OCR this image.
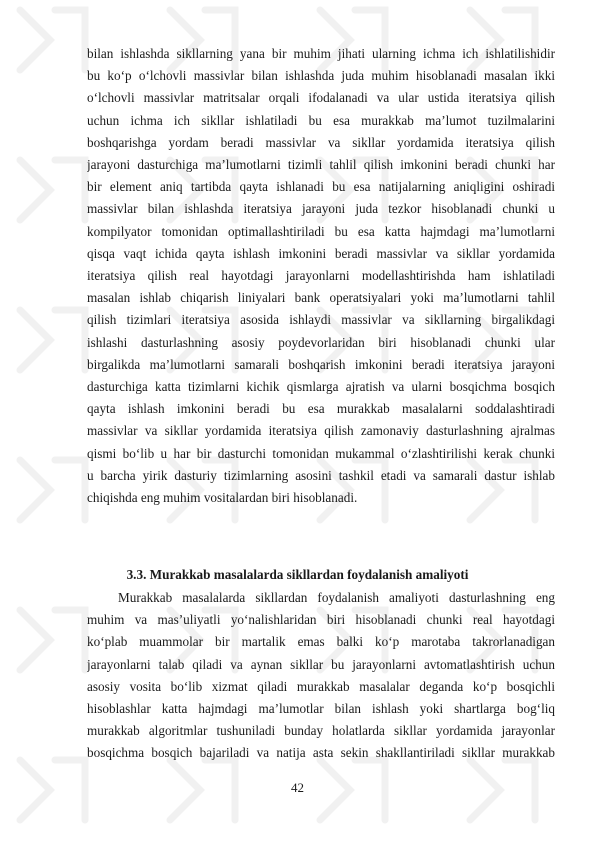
bilan ishlashda sikllarning yana bir muhim jihati ularning ichma ich ishlatilishidir
bu ko‘p o‘lchovli massivlar bilan ishlashda juda muhim hisoblanadi masalan ikki
o‘lchovli massivlar matritsalar orqali ifodalanadi va ular ustida iteratsiya qilish
uchun ichma ich sikllar ishlatiladi bu esa murakkab ma’lumot tuzilmalarini
boshqarishga yordam beradi massivlar va sikllar yordamida iteratsiya qilish
jarayoni dasturchiga ma’lumotlarni tizimli tahlil qilish imkonini beradi chunki har
bir element aniq tartibda qayta ishlanadi bu esa natijalarning aniqligini oshiradi
massivlar bilan ishlashda iteratsiya jarayoni juda tezkor hisoblanadi chunki u
kompilyator tomonidan optimallashtiriladi bu esa katta hajmdagi ma’lumotlarni
qisqa vaqt ichida qayta ishlash imkonini beradi massivlar va sikllar yordamida
iteratsiya qilish real hayotdagi jarayonlarni modellashtirishda ham ishlatiladi
masalan ishlab chiqarish liniyalari bank operatsiyalari yoki ma’lumotlarni tahlil
qilish tizimlari iteratsiya asosida ishlaydi massivlar va sikllarning birgalikdagi
ishlashi dasturlashning asosiy poydevorlaridan biri hisoblanadi chunki ular
birgalikda ma’lumotlarni samarali boshqarish imkonini beradi iteratsiya jarayoni
dasturchiga katta tizimlarni kichik qismlarga ajratish va ularni bosqichma bosqich
qayta ishlash imkonini beradi bu esa murakkab masalalarni soddalashtiradi
massivlar va sikllar yordamida iteratsiya qilish zamonaviy dasturlashning ajralmas
qismi bo‘lib u har bir dasturchi tomonidan mukammal o‘zlashtirilishi kerak chunki
u barcha yirik dasturiy tizimlarning asosini tashkil etadi va samarali dastur ishlab
chiqishda eng muhim vositalardan biri hisoblanadi.
3.3. Murakkab masalalarda sikllardan foydalanish amaliyoti
Murakkab masalalarda sikllardan foydalanish amaliyoti dasturlashning eng
muhim va mas’uliyatli yo‘nalishlaridan biri hisoblanadi chunki real hayotdagi
ko‘plab muammolar bir martalik emas balki ko‘p marotaba takrorlanadigan
jarayonlarni talab qiladi va aynan sikllar bu jarayonlarni avtomatlashtirish uchun
asosiy vosita bo‘lib xizmat qiladi murakkab masalalar deganda ko‘p bosqichli
hisoblashlar katta hajmdagi ma’lumotlar bilan ishlash yoki shartlarga bog‘liq
murakkab algoritmlar tushuniladi bunday holatlarda sikllar yordamida jarayonlar
bosqichma bosqich bajariladi va natija asta sekin shakllantiriladi sikllar murakkab
42
